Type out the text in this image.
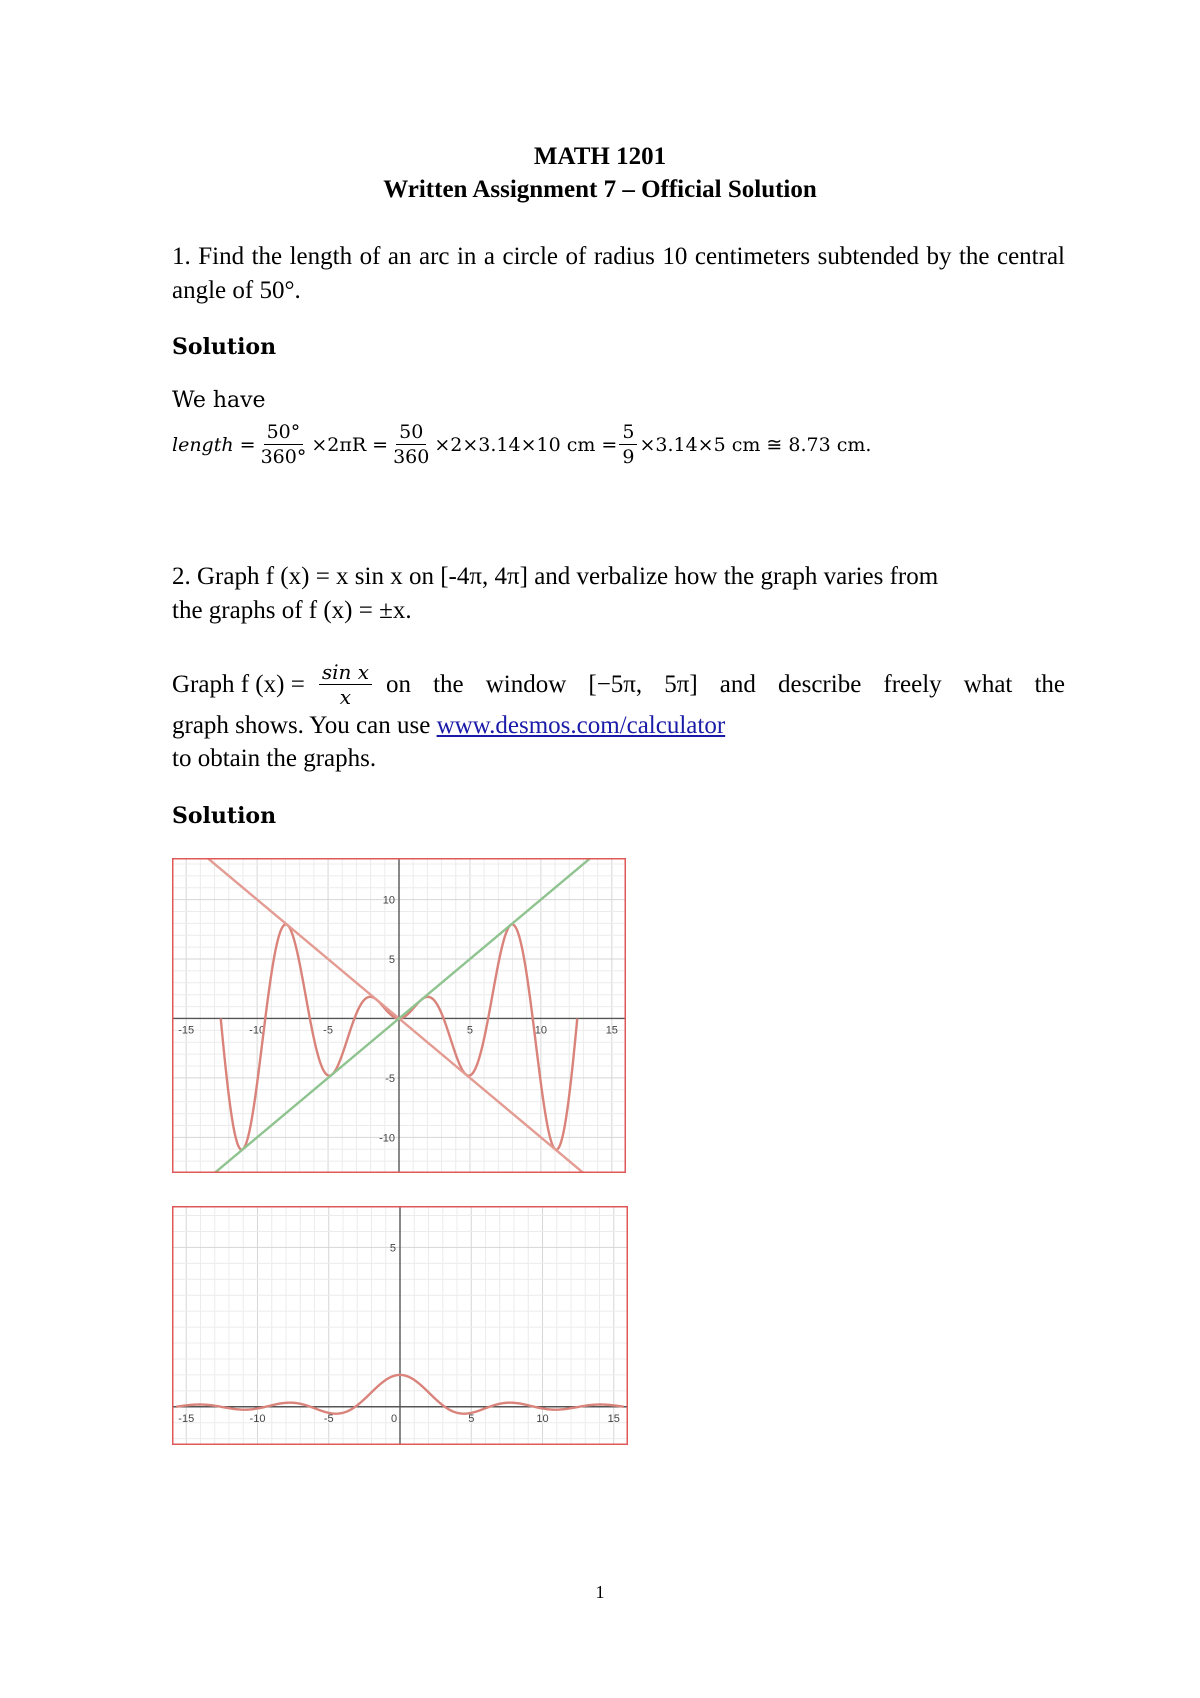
MATH 1201
Written Assignment 7 – Official Solution
1. Find the length of an arc in a circle of radius 10 centimeters subtended by the central angle of 50°.
Solution
We have
length = $\frac{50^\circ}{360^\circ} \times 2\pi R = \frac{50}{360} \times 2\times 3.14\times 10$ cm = $\frac{5}{9} \times 3.14\times 5$ cm ≅ 8.73 cm.
2. Graph f (x) = x sin x on [-4π, 4π] and verbalize how the graph varies from
the graphs of f (x) = ±x.
Graph f $(x) = \frac{\text{sin x}}{x}$ on the window [−5π, 5π] and describe freely what the
graph shows. You can use www.desmos.com/calculator
to obtain the graphs.
Solution
-15	-10	-5	5	10	15
-10
-5
5
10
-15	-10	-5	0	5	10	15
5
1
